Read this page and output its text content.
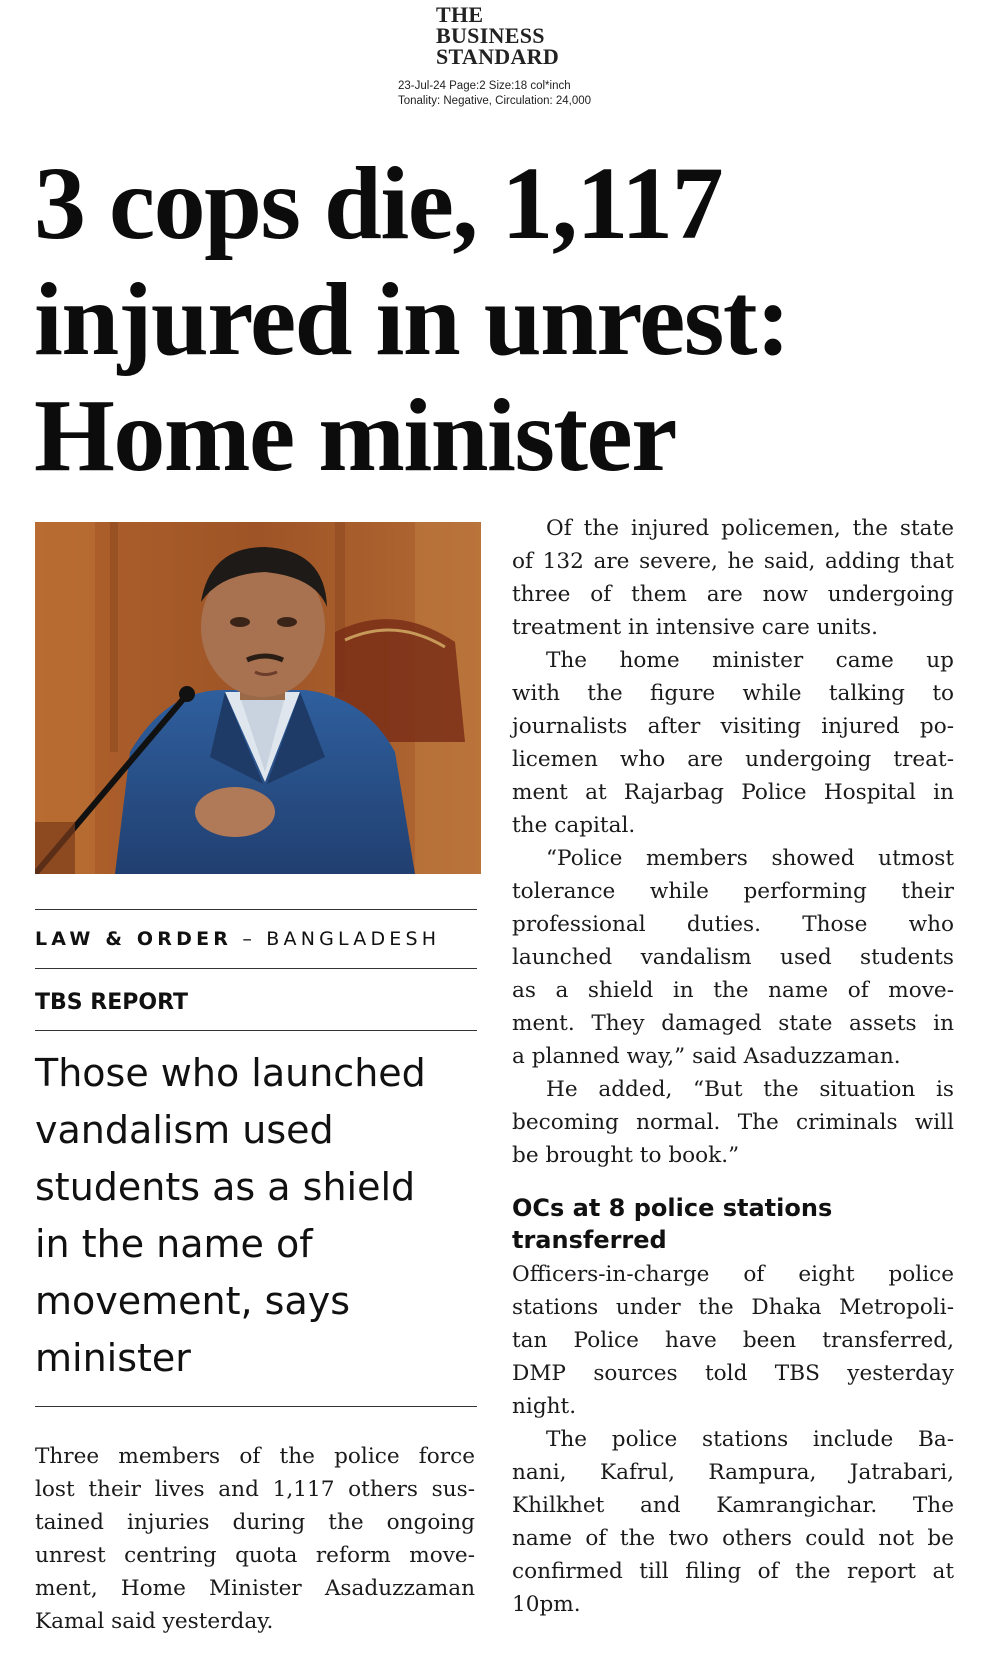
THE
BUSINESS
STANDARD
23-Jul-24 Page:2 Size:18 col*inch
Tonality: Negative, Circulation: 24,000
3 cops die, 1,117
injured in unrest:
Home minister
LAW & ORDER – BANGLADESH
TBS REPORT
Those who launched
vandalism used
students as a shield
in the name of
movement, says
minister
Three members of the police force
lost their lives and 1,117 others sus-
tained injuries during the ongoing
unrest centring quota reform move-
ment, Home Minister Asaduzzaman
Kamal said yesterday.
Of the injured policemen, the state
of 132 are severe, he said, adding that
three of them are now undergoing
treatment in intensive care units.
The home minister came up
with the figure while talking to
journalists after visiting injured po-
licemen who are undergoing treat-
ment at Rajarbag Police Hospital in
the capital.
“Police members showed utmost
tolerance while performing their
professional duties. Those who
launched vandalism used students
as a shield in the name of move-
ment. They damaged state assets in
a planned way,” said Asaduzzaman.
He added, “But the situation is
becoming normal. The criminals will
be brought to book.”
OCs at 8 police stations
transferred
Officers-in-charge of eight police
stations under the Dhaka Metropoli-
tan Police have been transferred,
DMP sources told TBS yesterday
night.
The police stations include Ba-
nani, Kafrul, Rampura, Jatrabari,
Khilkhet and Kamrangichar. The
name of the two others could not be
confirmed till filing of the report at
10pm.
